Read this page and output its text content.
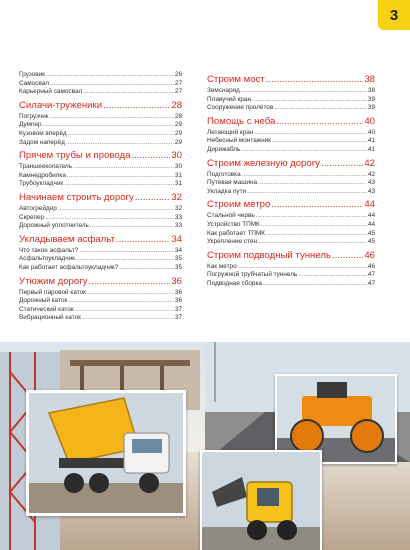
3
Грузовик .....	26
Самосвал .....	27
Карьерный самосвал .....	27
Силачи-труженики .....	28
Погрузчик .....	28
Думпер .....	29
Кузовом вперёд .....	29
Задом наперёд .....	29
Прячем трубы и провода .....	30
Траншеекопатель .....	30
Камнедробилка .....	31
Трубоукладчик .....	31
Начинаем строить дорогу .....	32
Автогрейдер .....	32
Скрепер .....	33
Дорожный уплотнитель .....	33
Укладываем асфальт .....	34
Что такое асфальт? .....	34
Асфальтоукладчик .....	35
Как работает асфальтоукладчик? .....	35
Утюжим дорогу .....	36
Первый паровой каток .....	36
Дорожный каток .....	36
Статический каток .....	37
Вибрационный каток .....	37
Строим мост .....	38
Земснаряд .....	38
Плавучий кран .....	39
Сооружение пролётов .....	39
Помощь с неба .....	40
Летающий кран .....	40
Небесный монтажник .....	41
Дирижабль .....	41
Строим железную дорогу .....	42
Подготовка .....	42
Путевая машина .....	43
Укладка пути .....	43
Строим метро .....	44
Стальной червь .....	44
Устройство ТПМК .....	44
Как работает ТПМК .....	45
Укрепление стен .....	45
Строим подводный туннель .....	46
Как метро .....	46
Погружной трубчатый туннель .....	47
Подводная сборка .....	47
